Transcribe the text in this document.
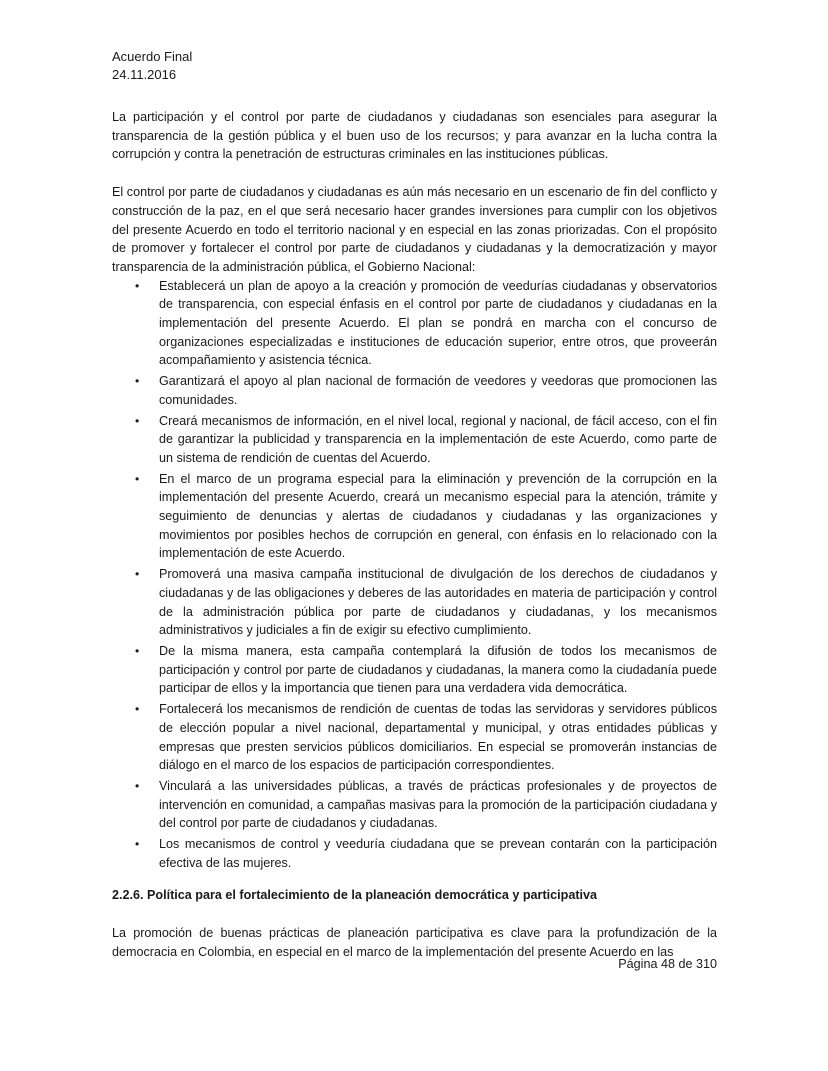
Acuerdo Final
24.11.2016

La participación y el control por parte de ciudadanos y ciudadanas son esenciales para asegurar la transparencia de la gestión pública y el buen uso de los recursos; y para avanzar en la lucha contra la corrupción y contra la penetración de estructuras criminales en las instituciones públicas.

El control por parte de ciudadanos y ciudadanas es aún más necesario en un escenario de fin del conflicto y construcción de la paz, en el que será necesario hacer grandes inversiones para cumplir con los objetivos del presente Acuerdo en todo el territorio nacional y en especial en las zonas priorizadas. Con el propósito de promover y fortalecer el control por parte de ciudadanos y ciudadanas y la democratización y mayor transparencia de la administración pública, el Gobierno Nacional:

• Establecerá un plan de apoyo a la creación y promoción de veedurías ciudadanas y observatorios de transparencia, con especial énfasis en el control por parte de ciudadanos y ciudadanas en la implementación del presente Acuerdo. El plan se pondrá en marcha con el concurso de organizaciones especializadas e instituciones de educación superior, entre otros, que proveerán acompañamiento y asistencia técnica.
• Garantizará el apoyo al plan nacional de formación de veedores y veedoras que promocionen las comunidades.
• Creará mecanismos de información, en el nivel local, regional y nacional, de fácil acceso, con el fin de garantizar la publicidad y transparencia en la implementación de este Acuerdo, como parte de un sistema de rendición de cuentas del Acuerdo.
• En el marco de un programa especial para la eliminación y prevención de la corrupción en la implementación del presente Acuerdo, creará un mecanismo especial para la atención, trámite y seguimiento de denuncias y alertas de ciudadanos y ciudadanas y las organizaciones y movimientos por posibles hechos de corrupción en general, con énfasis en lo relacionado con la implementación de este Acuerdo.
• Promoverá una masiva campaña institucional de divulgación de los derechos de ciudadanos y ciudadanas y de las obligaciones y deberes de las autoridades en materia de participación y control de la administración pública por parte de ciudadanos y ciudadanas, y los mecanismos administrativos y judiciales a fin de exigir su efectivo cumplimiento.
• De la misma manera, esta campaña contemplará la difusión de todos los mecanismos de participación y control por parte de ciudadanos y ciudadanas, la manera como la ciudadanía puede participar de ellos y la importancia que tienen para una verdadera vida democrática.
• Fortalecerá los mecanismos de rendición de cuentas de todas las servidoras y servidores públicos de elección popular a nivel nacional, departamental y municipal, y otras entidades públicas y empresas que presten servicios públicos domiciliarios. En especial se promoverán instancias de diálogo en el marco de los espacios de participación correspondientes.
• Vinculará a las universidades públicas, a través de prácticas profesionales y de proyectos de intervención en comunidad, a campañas masivas para la promoción de la participación ciudadana y del control por parte de ciudadanos y ciudadanas.
• Los mecanismos de control y veeduría ciudadana que se prevean contarán con la participación efectiva de las mujeres.
2.2.6. Política para el fortalecimiento de la planeación democrática y participativa

La promoción de buenas prácticas de planeación participativa es clave para la profundización de la democracia en Colombia, en especial en el marco de la implementación del presente Acuerdo en las

Página 48 de 310
